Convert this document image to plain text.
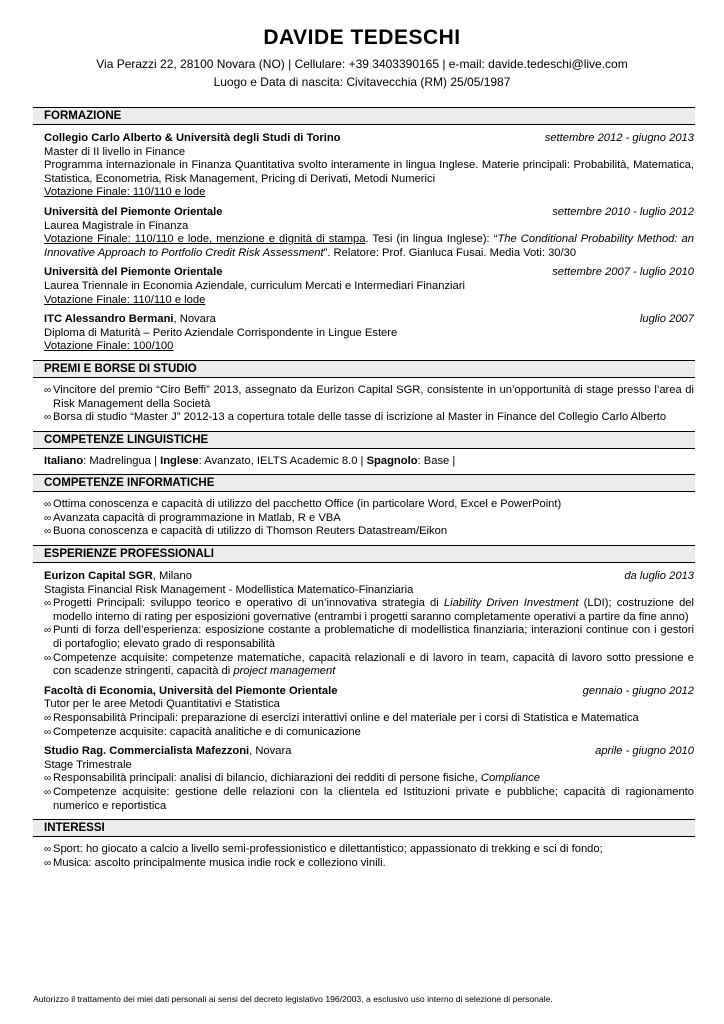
DAVIDE TEDESCHI
Via Perazzi 22, 28100 Novara (NO) | Cellulare: +39 3403390165 | e-mail: davide.tedeschi@live.com
Luogo e Data di nascita: Civitavecchia (RM) 25/05/1987
FORMAZIONE
Collegio Carlo Alberto & Università degli Studi di Torino	settembre 2012 - giugno 2013
Master di II livello in Finance
Programma internazionale in Finanza Quantitativa svolto interamente in lingua Inglese. Materie principali: Probabilità, Matematica, Statistica, Econometria, Risk Management, Pricing di Derivati, Metodi Numerici
Votazione Finale: 110/110 e lode
Università del Piemonte Orientale	settembre 2010 - luglio 2012
Laurea Magistrale in Finanza
Votazione Finale: 110/110 e lode, menzione e dignità di stampa. Tesi (in lingua Inglese): “The Conditional Probability Method: an Innovative Approach to Portfolio Credit Risk Assessment”. Relatore: Prof. Gianluca Fusai. Media Voti: 30/30
Università del Piemonte Orientale	settembre 2007 - luglio 2010
Laurea Triennale in Economia Aziendale, curriculum Mercati e Intermediari Finanziari
Votazione Finale: 110/110 e lode
ITC Alessandro Bermani, Novara	luglio 2007
Diploma di Maturità – Perito Aziendale Corrispondente in Lingue Estere
Votazione Finale: 100/100
PREMI E BORSE DI STUDIO
∞ Vincitore del premio “Ciro Beffi” 2013, assegnato da Eurizon Capital SGR, consistente in un’opportunità di stage presso l’area di Risk Management della Società
∞ Borsa di studio “Master J” 2012-13 a copertura totale delle tasse di iscrizione al Master in Finance del Collegio Carlo Alberto
COMPETENZE LINGUISTICHE
Italiano: Madrelingua | Inglese: Avanzato, IELTS Academic 8.0 | Spagnolo: Base |
COMPETENZE INFORMATICHE
∞ Ottima conoscenza e capacità di utilizzo del pacchetto Office (in particolare Word, Excel e PowerPoint)
∞ Avanzata capacità di programmazione in Matlab, R e VBA
∞ Buona conoscenza e capacità di utilizzo di Thomson Reuters Datastream/Eikon
ESPERIENZE PROFESSIONALI
Eurizon Capital SGR, Milano	da luglio 2013
Stagista Financial Risk Management - Modellistica Matematico-Finanziaria
∞ Progetti Principali: sviluppo teorico e operativo di un’innovativa strategia di Liability Driven Investment (LDI); costruzione del modello interno di rating per esposizioni governative (entrambi i progetti saranno completamente operativi a partire da fine anno)
∞ Punti di forza dell’esperienza: esposizione costante a problematiche di modellistica finanziaria; interazioni continue con i gestori di portafoglio; elevato grado di responsabilità
∞ Competenze acquisite: competenze matematiche, capacità relazionali e di lavoro in team, capacità di lavoro sotto pressione e con scadenze stringenti, capacità di project management
Facoltà di Economia, Università del Piemonte Orientale	gennaio - giugno 2012
Tutor per le aree Metodi Quantitativi e Statistica
∞ Responsabilità Principali: preparazione di esercizi interattivi online e del materiale per i corsi di Statistica e Matematica
∞ Competenze acquisite: capacità analitiche e di comunicazione
Studio Rag. Commercialista Mafezzoni, Novara	aprile - giugno 2010
Stage Trimestrale
∞ Responsabilità principali: analisi di bilancio, dichiarazioni dei redditi di persone fisiche, Compliance
∞ Competenze acquisite: gestione delle relazioni con la clientela ed Istituzioni private e pubbliche; capacità di ragionamento numerico e reportistica
INTERESSI
∞ Sport: ho giocato a calcio a livello semi-professionistico e dilettantistico; appassionato di trekking e sci di fondo;
∞ Musica: ascolto principalmente musica indie rock e colleziono vinili.
Autorizzo il trattamento dei miei dati personali ai sensi del decreto legislativo 196/2003, a esclusivo uso interno di selezione di personale.
